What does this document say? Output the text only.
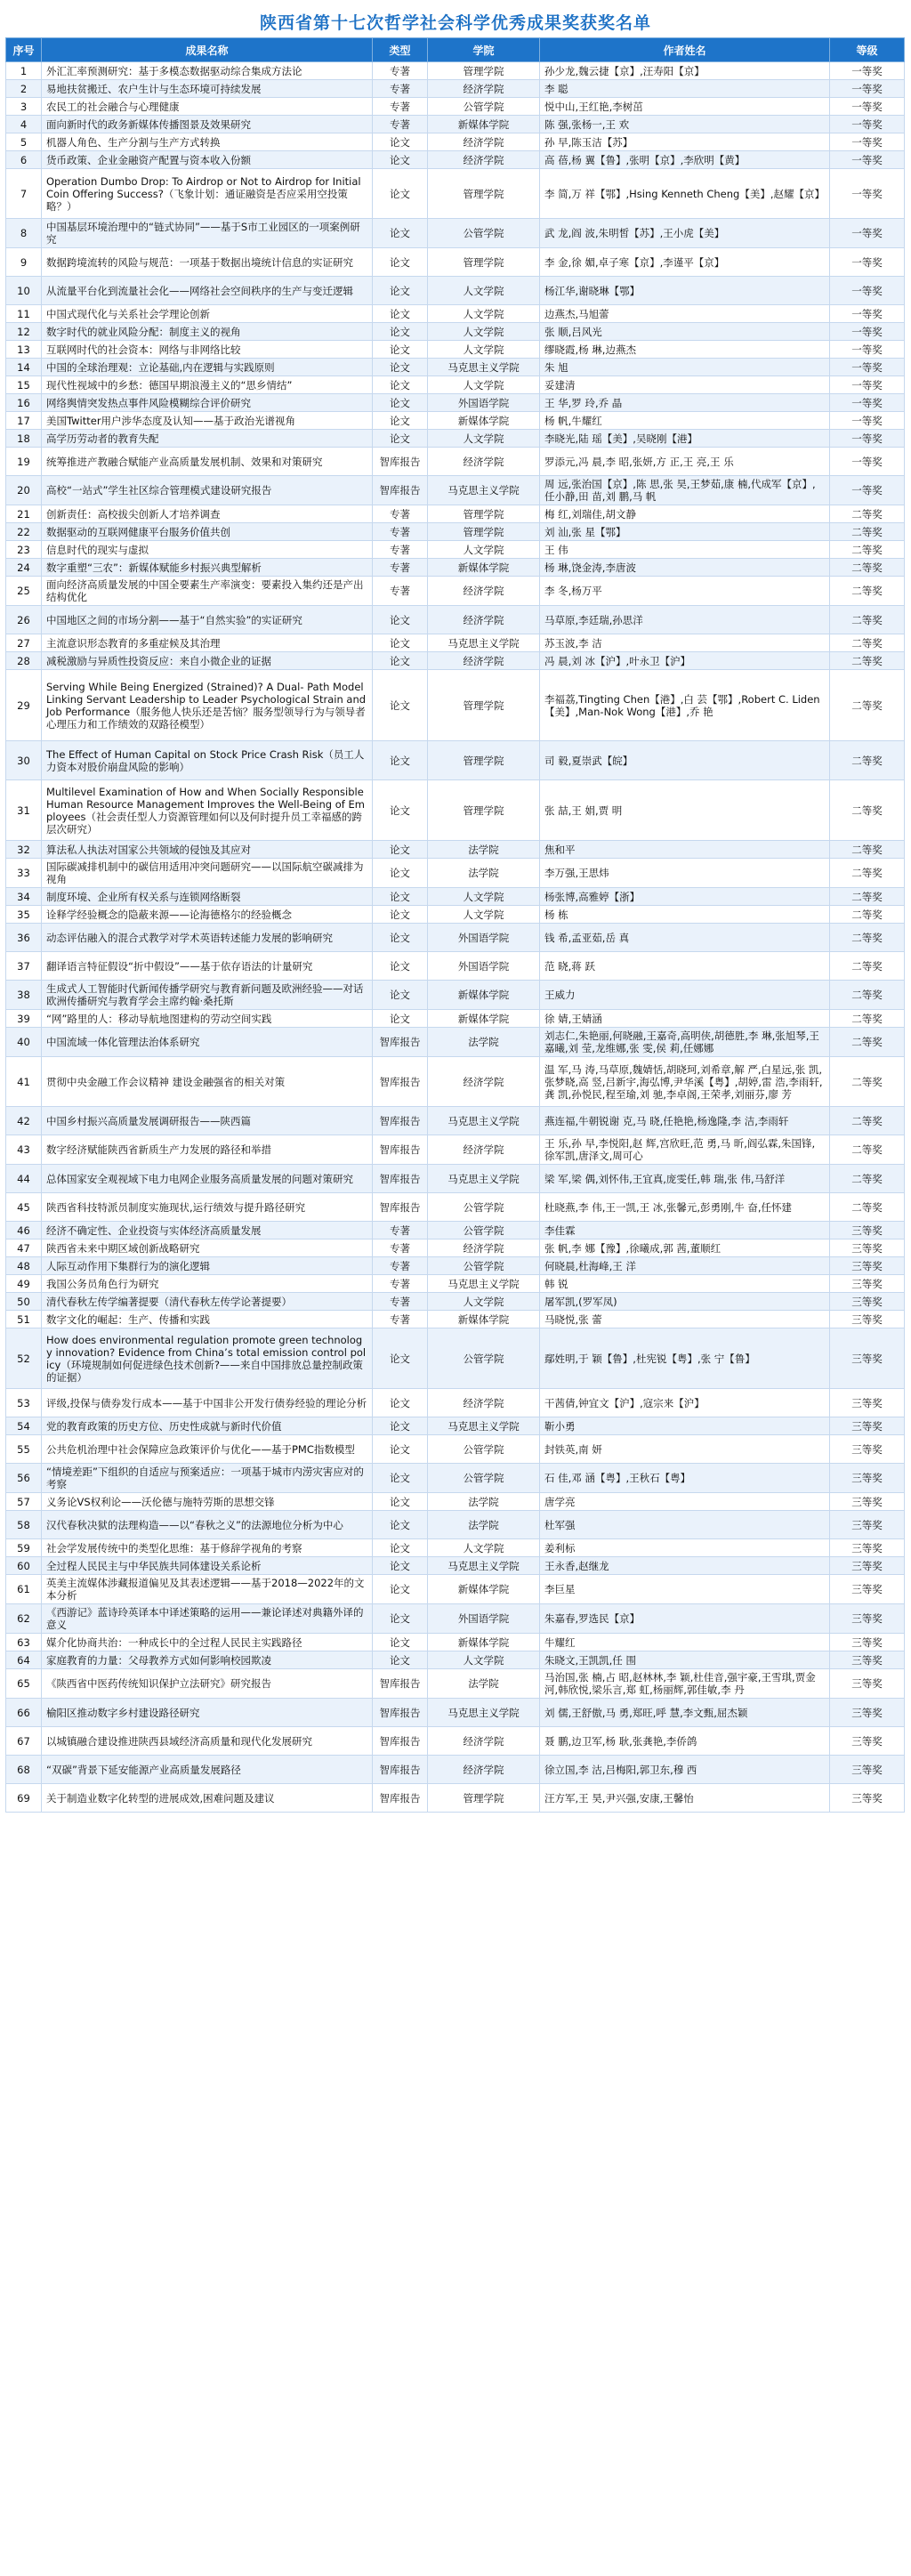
陕西省第十七次哲学社会科学优秀成果奖获奖名单
序号	成果名称	类型	学院	作者姓名	等级
1	外汇汇率预测研究：基于多模态数据驱动综合集成方法论	专著	管理学院	孙少龙,魏云捷【京】,汪寿阳【京】	一等奖
2	易地扶贫搬迁、农户生计与生态环境可持续发展	专著	经济学院	李 聪	一等奖
3	农民工的社会融合与心理健康	专著	公管学院	悦中山,王红艳,李树茁	一等奖
4	面向新时代的政务新媒体传播图景及效果研究	专著	新媒体学院	陈 强,张杨一,王 欢	一等奖
5	机器人角色、生产分割与生产方式转换	论文	经济学院	孙 早,陈玉洁【苏】	一等奖
6	货币政策、企业金融资产配置与资本收入份额	论文	经济学院	高 蓓,杨 翼【鲁】,张明【京】,李欣明【黄】	一等奖
7	Operation Dumbo Drop: To Airdrop or Not to Airdrop for Initial Coin Offering Success?（飞象计划：通证融资是否应采用空投策略？）	论文	管理学院	李 简,万 祥【鄂】,Hsing Kenneth Cheng【美】,赵耀【京】	一等奖
8	中国基层环境治理中的“链式协同”——基于S市工业园区的一项案例研究	论文	公管学院	武 龙,阎 波,朱明皙【苏】,王小虎【美】	一等奖
9	数据跨境流转的风险与规范：一项基于数据出境统计信息的实证研究	论文	管理学院	李 金,徐 媚,卓子寒【京】,李谨平【京】	一等奖
10	从流量平台化到流量社会化——网络社会空间秩序的生产与变迁逻辑	论文	人文学院	杨江华,谢晓琳【鄂】	一等奖
11	中国式现代化与关系社会学理论创新	论文	人文学院	边燕杰,马旭蕾	一等奖
12	数字时代的就业风险分配：制度主义的视角	论文	人文学院	张 顺,吕风光	一等奖
13	互联网时代的社会资本：网络与非网络比较	论文	人文学院	缪晓霞,杨 琳,边燕杰	一等奖
14	中国的全球治理观：立论基础,内在逻辑与实践原则	论文	马克思主义学院	朱 旭	一等奖
15	现代性视域中的乡愁：德国早期浪漫主义的“思乡情结”	论文	人文学院	妥建清	一等奖
16	网络舆情突发热点事件风险模糊综合评价研究	论文	外国语学院	王 华,罗 玲,乔 晶	一等奖
17	美国Twitter用户涉华态度及认知——基于政治光谱视角	论文	新媒体学院	杨 帆,牛耀红	一等奖
18	高学历劳动者的教育失配	论文	人文学院	李晓光,陆 瑶【美】,吴晓刚【港】	一等奖
19	统筹推进产教融合赋能产业高质量发展机制、效果和对策研究	智库报告	经济学院	罗添元,冯 晨,李 昭,张妍,方 正,王 亮,王 乐	一等奖
20	高校“一站式”学生社区综合管理模式建设研究报告	智库报告	马克思主义学院	周 远,张治国【京】,陈 思,张 昊,王梦茹,康 楠,代成军【京】,任小静,田 苗,刘 鹏,马 帆	一等奖
21	创新责任：高校拔尖创新人才培养调查	专著	管理学院	梅 红,刘瑞佳,胡文静	二等奖
22	数据驱动的互联网健康平台服务价值共创	专著	管理学院	刘 汕,张 星【鄂】	二等奖
23	信息时代的现实与虚拟	专著	人文学院	王 伟	二等奖
24	数字重塑“三农”：新媒体赋能乡村振兴典型解析	专著	新媒体学院	杨 琳,饶金涛,李唐波	二等奖
25	面向经济高质量发展的中国全要素生产率演变：要素投入集约还是产出结构优化	专著	经济学院	李 冬,杨万平	二等奖
26	中国地区之间的市场分割——基于“自然实验”的实证研究	论文	经济学院	马草原,李廷瑞,孙思洋	二等奖
27	主流意识形态教育的多重症候及其治理	论文	马克思主义学院	苏玉波,李 洁	二等奖
28	减税激励与异质性投资反应：来自小微企业的证据	论文	经济学院	冯 晨,刘 冰【沪】,叶永卫【沪】	二等奖
29	Serving While Being Energized (Strained)? A Dual- Path Model Linking Servant Leadership to Leader Psychological Strain and Job Performance（服务他人快乐还是苦恼？服务型领导行为与领导者心理压力和工作绩效的双路径模型）	论文	管理学院	李福荔,Tingting Chen【港】,白 芸【鄂】,Robert C. Liden【美】,Man-Nok Wong【港】,乔 艳	二等奖
30	The Effect of Human Capital on Stock Price Crash Risk（员工人力资本对股价崩盘风险的影响）	论文	管理学院	司 毅,夏崇武【皖】	二等奖
31	Multilevel Examination of How and When Socially Responsible Human Resource Management Improves the Well-Being of Employees（社会责任型人力资源管理如何以及何时提升员工幸福感的跨层次研究）	论文	管理学院	张 喆,王 娟,贾 明	二等奖
32	算法私人执法对国家公共领域的侵蚀及其应对	论文	法学院	焦和平	二等奖
33	国际碳减排机制中的碳信用适用冲突问题研究——以国际航空碳减排为视角	论文	法学院	李万强,王思炜	二等奖
34	制度环境、企业所有权关系与连锁网络断裂	论文	人文学院	杨张博,高雅婷【浙】	二等奖
35	诠释学经验概念的隐蔽来源——论海德格尔的经验概念	论文	人文学院	杨 栋	二等奖
36	动态评估融入的混合式教学对学术英语转述能力发展的影响研究	论文	外国语学院	钱 希,孟亚茹,岳 真	二等奖
37	翻译语言特征假设“折中假设”——基于依存语法的计量研究	论文	外国语学院	范 晓,蒋 跃	二等奖
38	生成式人工智能时代新闻传播学研究与教育新问题及欧洲经验——对话欧洲传播研究与教育学会主席约翰·桑托斯	论文	新媒体学院	王威力	二等奖
39	“网”路里的人：移动导航地图建构的劳动空间实践	论文	新媒体学院	徐 婧,王婧涵	二等奖
40	中国流域一体化管理法治体系研究	智库报告	法学院	刘志仁,朱艳丽,何晓融,王嘉奇,高明侠,胡德胜,李 琳,张旭琴,王嘉曦,刘 莹,龙维娜,张 雯,侯 莉,任娜娜	二等奖
41	贯彻中央金融工作会议精神 建设金融强省的相关对策	智库报告	经济学院	温 军,马 涛,马草原,魏婧恬,胡晓珂,刘希章,解 严,白星远,张 凯,张梦晓,高 竖,吕新宇,海弘博,尹华溪【粤】,胡婷,雷 浩,李雨轩,龚 凯,孙悦民,程至瑜,刘 驰,李卓阁,王荣孝,刘丽芬,廖 芳	二等奖
42	中国乡村振兴高质量发展调研报告——陕西篇	智库报告	马克思主义学院	燕连福,牛朝锐谢 克,马 晓,任艳艳,杨逸隆,李 洁,李雨轩	二等奖
43	数字经济赋能陕西省新质生产力发展的路径和举措	智库报告	经济学院	王 乐,孙 早,李悦阳,赵 辉,宫欣旺,范 勇,马 昕,阎弘霖,朱国锋,徐军凯,唐泽文,周可心	二等奖
44	总体国家安全观视域下电力电网企业服务高质量发展的问题对策研究	智库报告	马克思主义学院	梁 军,梁 偶,刘怀伟,王宜真,庞雯任,韩 瑞,张 伟,马舒洋	二等奖
45	陕西省科技特派员制度实施现状,运行绩效与提升路径研究	智库报告	公管学院	杜晓燕,李 伟,王一凯,王 冰,张馨元,彭勇刚,牛 奋,任怀建	二等奖
46	经济不确定性、企业投资与实体经济高质量发展	专著	公管学院	李佳霖	三等奖
47	陕西省未来中期区域创新战略研究	专著	经济学院	张 帆,李 娜【豫】,徐曦成,郭 茜,董顺红	三等奖
48	人际互动作用下集群行为的演化逻辑	专著	公管学院	何晓晨,杜海峰,王 洋	三等奖
49	我国公务员角色行为研究	专著	马克思主义学院	韩 锐	三等奖
50	清代春秋左传学编著提要（清代春秋左传学论著提要）	专著	人文学院	屠军凯,(罗军凤)	三等奖
51	数字文化的崛起：生产、传播和实践	专著	新媒体学院	马晓悦,张 蕾	三等奖
52	How does environmental regulation promote green technology innovation? Evidence from China’s total emission control policy（环境规制如何促进绿色技术创新?——来自中国排放总量控制政策的证据）	论文	公管学院	鄢姓明,于 颖【鲁】,杜宪锐【粤】,张 宁【鲁】	三等奖
53	评级,投保与债券发行成本——基于中国非公开发行债券经验的理论分析	论文	经济学院	干茜倩,钟宜文【沪】,寇宗来【沪】	三等奖
54	党的教育政策的历史方位、历史性成就与新时代价值	论文	马克思主义学院	靳小勇	三等奖
55	公共危机治理中社会保障应急政策评价与优化——基于PMC指数模型	论文	公管学院	封铁英,南 妍	三等奖
56	“情境差距”下组织的自适应与预案适应：一项基于城市内涝灾害应对的考察	论文	公管学院	石 佳,邓 涵【粤】,王秋石【粤】	三等奖
57	义务论VS权利论——沃伦德与施特劳斯的思想交锋	论文	法学院	唐学亮	三等奖
58	汉代春秋决狱的法理构造——以“春秋之义”的法源地位分析为中心	论文	法学院	杜军强	三等奖
59	社会学发展传统中的类型化思维：基于修辞学视角的考察	论文	人文学院	姜利标	三等奖
60	全过程人民民主与中华民族共同体建设关系论析	论文	马克思主义学院	王永香,赵继龙	三等奖
61	英美主流媒体涉藏报道偏见及其表述逻辑——基于2018—2022年的文本分析	论文	新媒体学院	李巨星	三等奖
62	《西游记》蓝诗玲英译本中译述策略的运用——兼论译述对典籍外译的意义	论文	外国语学院	朱嘉春,罗选民【京】	三等奖
63	媒介化协商共治：一种成长中的全过程人民民主实践路径	论文	新媒体学院	牛耀红	三等奖
64	家庭教育的力量：父母教养方式如何影响校园欺凌	论文	人文学院	朱晓文,王凯凯,任 围	三等奖
65	《陕西省中医药传统知识保护立法研究》研究报告	智库报告	法学院	马治国,张 楠,占 昭,赵林林,李 颖,杜佳音,强宇豪,王雪琪,贾金河,韩欣悦,梁乐言,郑 虹,杨丽辉,郭佳敏,李 丹	三等奖
66	榆阳区推动数字乡村建设路径研究	智库报告	马克思主义学院	刘 儒,王舒傲,马 勇,郑旺,呼 慧,李文甄,屈杰颖	三等奖
67	以城镇融合建设推进陕西县域经济高质量和现代化发展研究	智库报告	经济学院	聂 鹏,边卫军,杨 耿,张龚艳,李侨鸽	三等奖
68	“双碳”背景下延安能源产业高质量发展路径	智库报告	经济学院	徐立国,李 沽,吕梅阳,郭卫东,穆 西	三等奖
69	关于制造业数字化转型的进展成效,困难问题及建议	智库报告	管理学院	汪方军,王 昊,尹兴强,安康,王馨怡	三等奖
